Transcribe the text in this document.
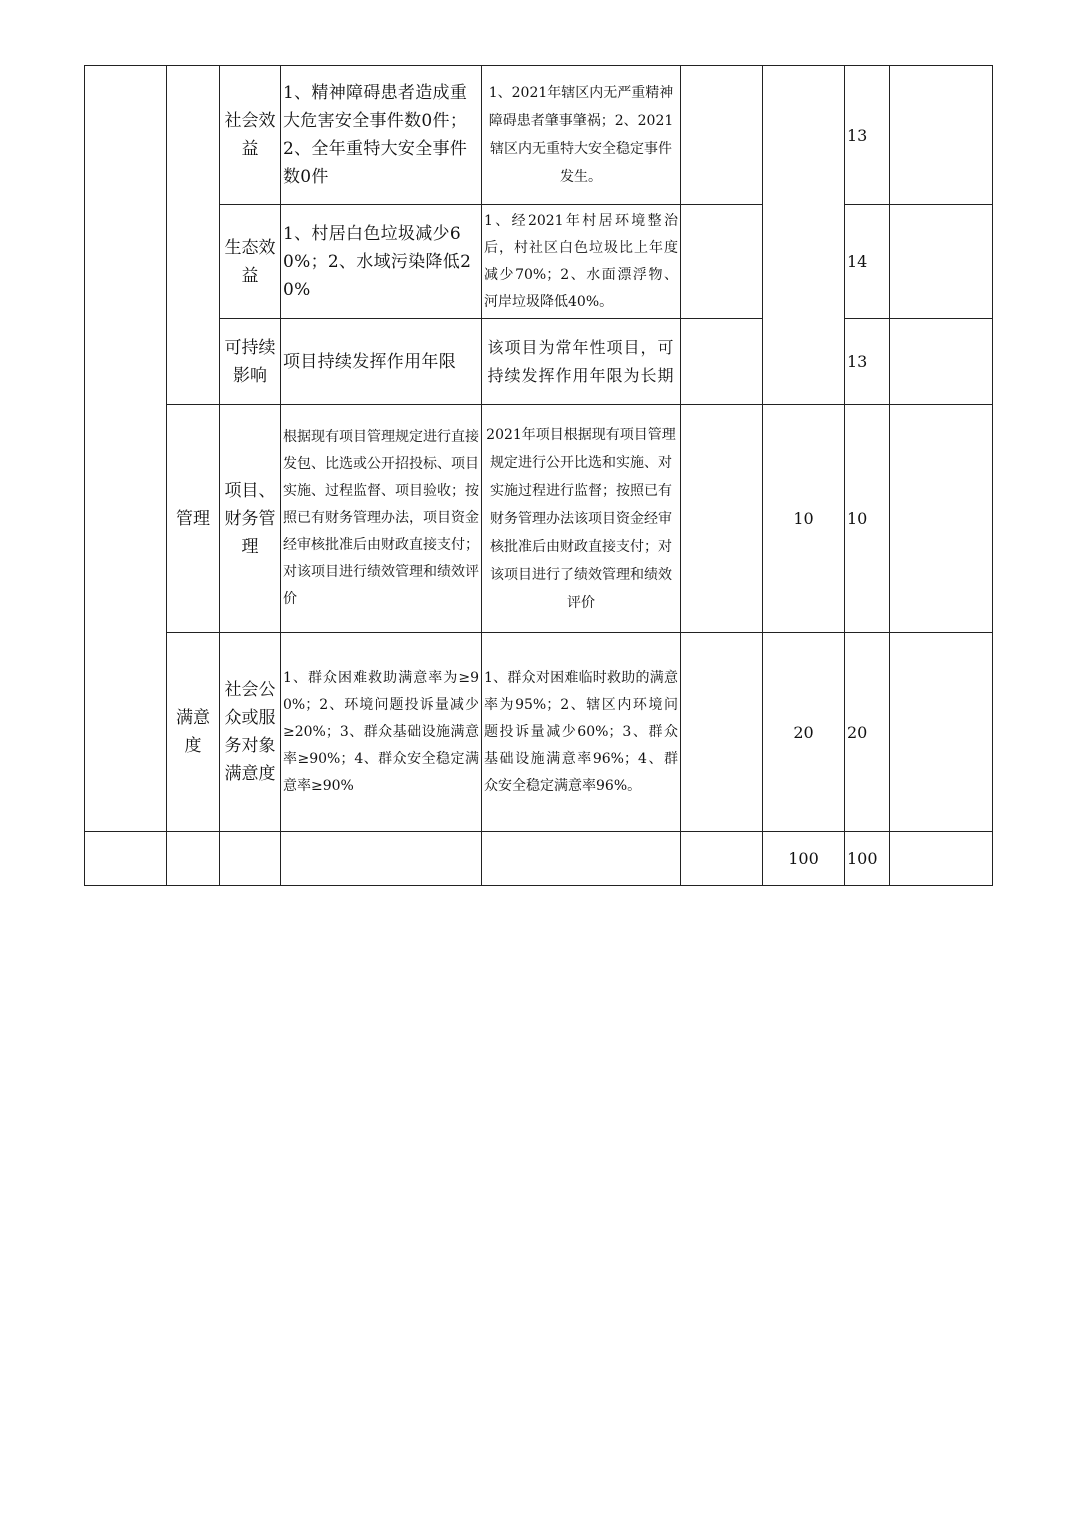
		社会效益	1、精神障碍患者造成重大危害安全事件数0件；2、全年重特大安全事件数0件	1、2021年辖区内无严重精神障碍患者肇事肇祸；2、2021辖区内无重特大安全稳定事件发生。			13	
		生态效益	1、村居白色垃圾减少60%；2、水域污染降低20%	1、经2021年村居环境整治后，村社区白色垃圾比上年度减少70%；2、水面漂浮物、河岸垃圾降低40%。			14	
		可持续影响	项目持续发挥作用年限	该项目为常年性项目，可持续发挥作用年限为长期			13	
	管理	项目、财务管理	根据现有项目管理规定进行直接发包、比选或公开招投标、项目实施、过程监督、项目验收；按照已有财务管理办法，项目资金经审核批准后由财政直接支付；对该项目进行绩效管理和绩效评价	2021年项目根据现有项目管理规定进行公开比选和实施、对实施过程进行监督；按照已有财务管理办法该项目资金经审核批准后由财政直接支付；对该项目进行了绩效管理和绩效评价		10	10	
	满意度	社会公众或服务对象满意度	1、群众困难救助满意率为≥90%；2、环境问题投诉量减少≥20%；3、群众基础设施满意率≥90%；4、群众安全稳定满意率≥90%	1、群众对困难临时救助的满意率为95%；2、辖区内环境问题投诉量减少60%；3、群众基础设施满意率96%；4、群众安全稳定满意率96%。		20	20	
						100	100	
